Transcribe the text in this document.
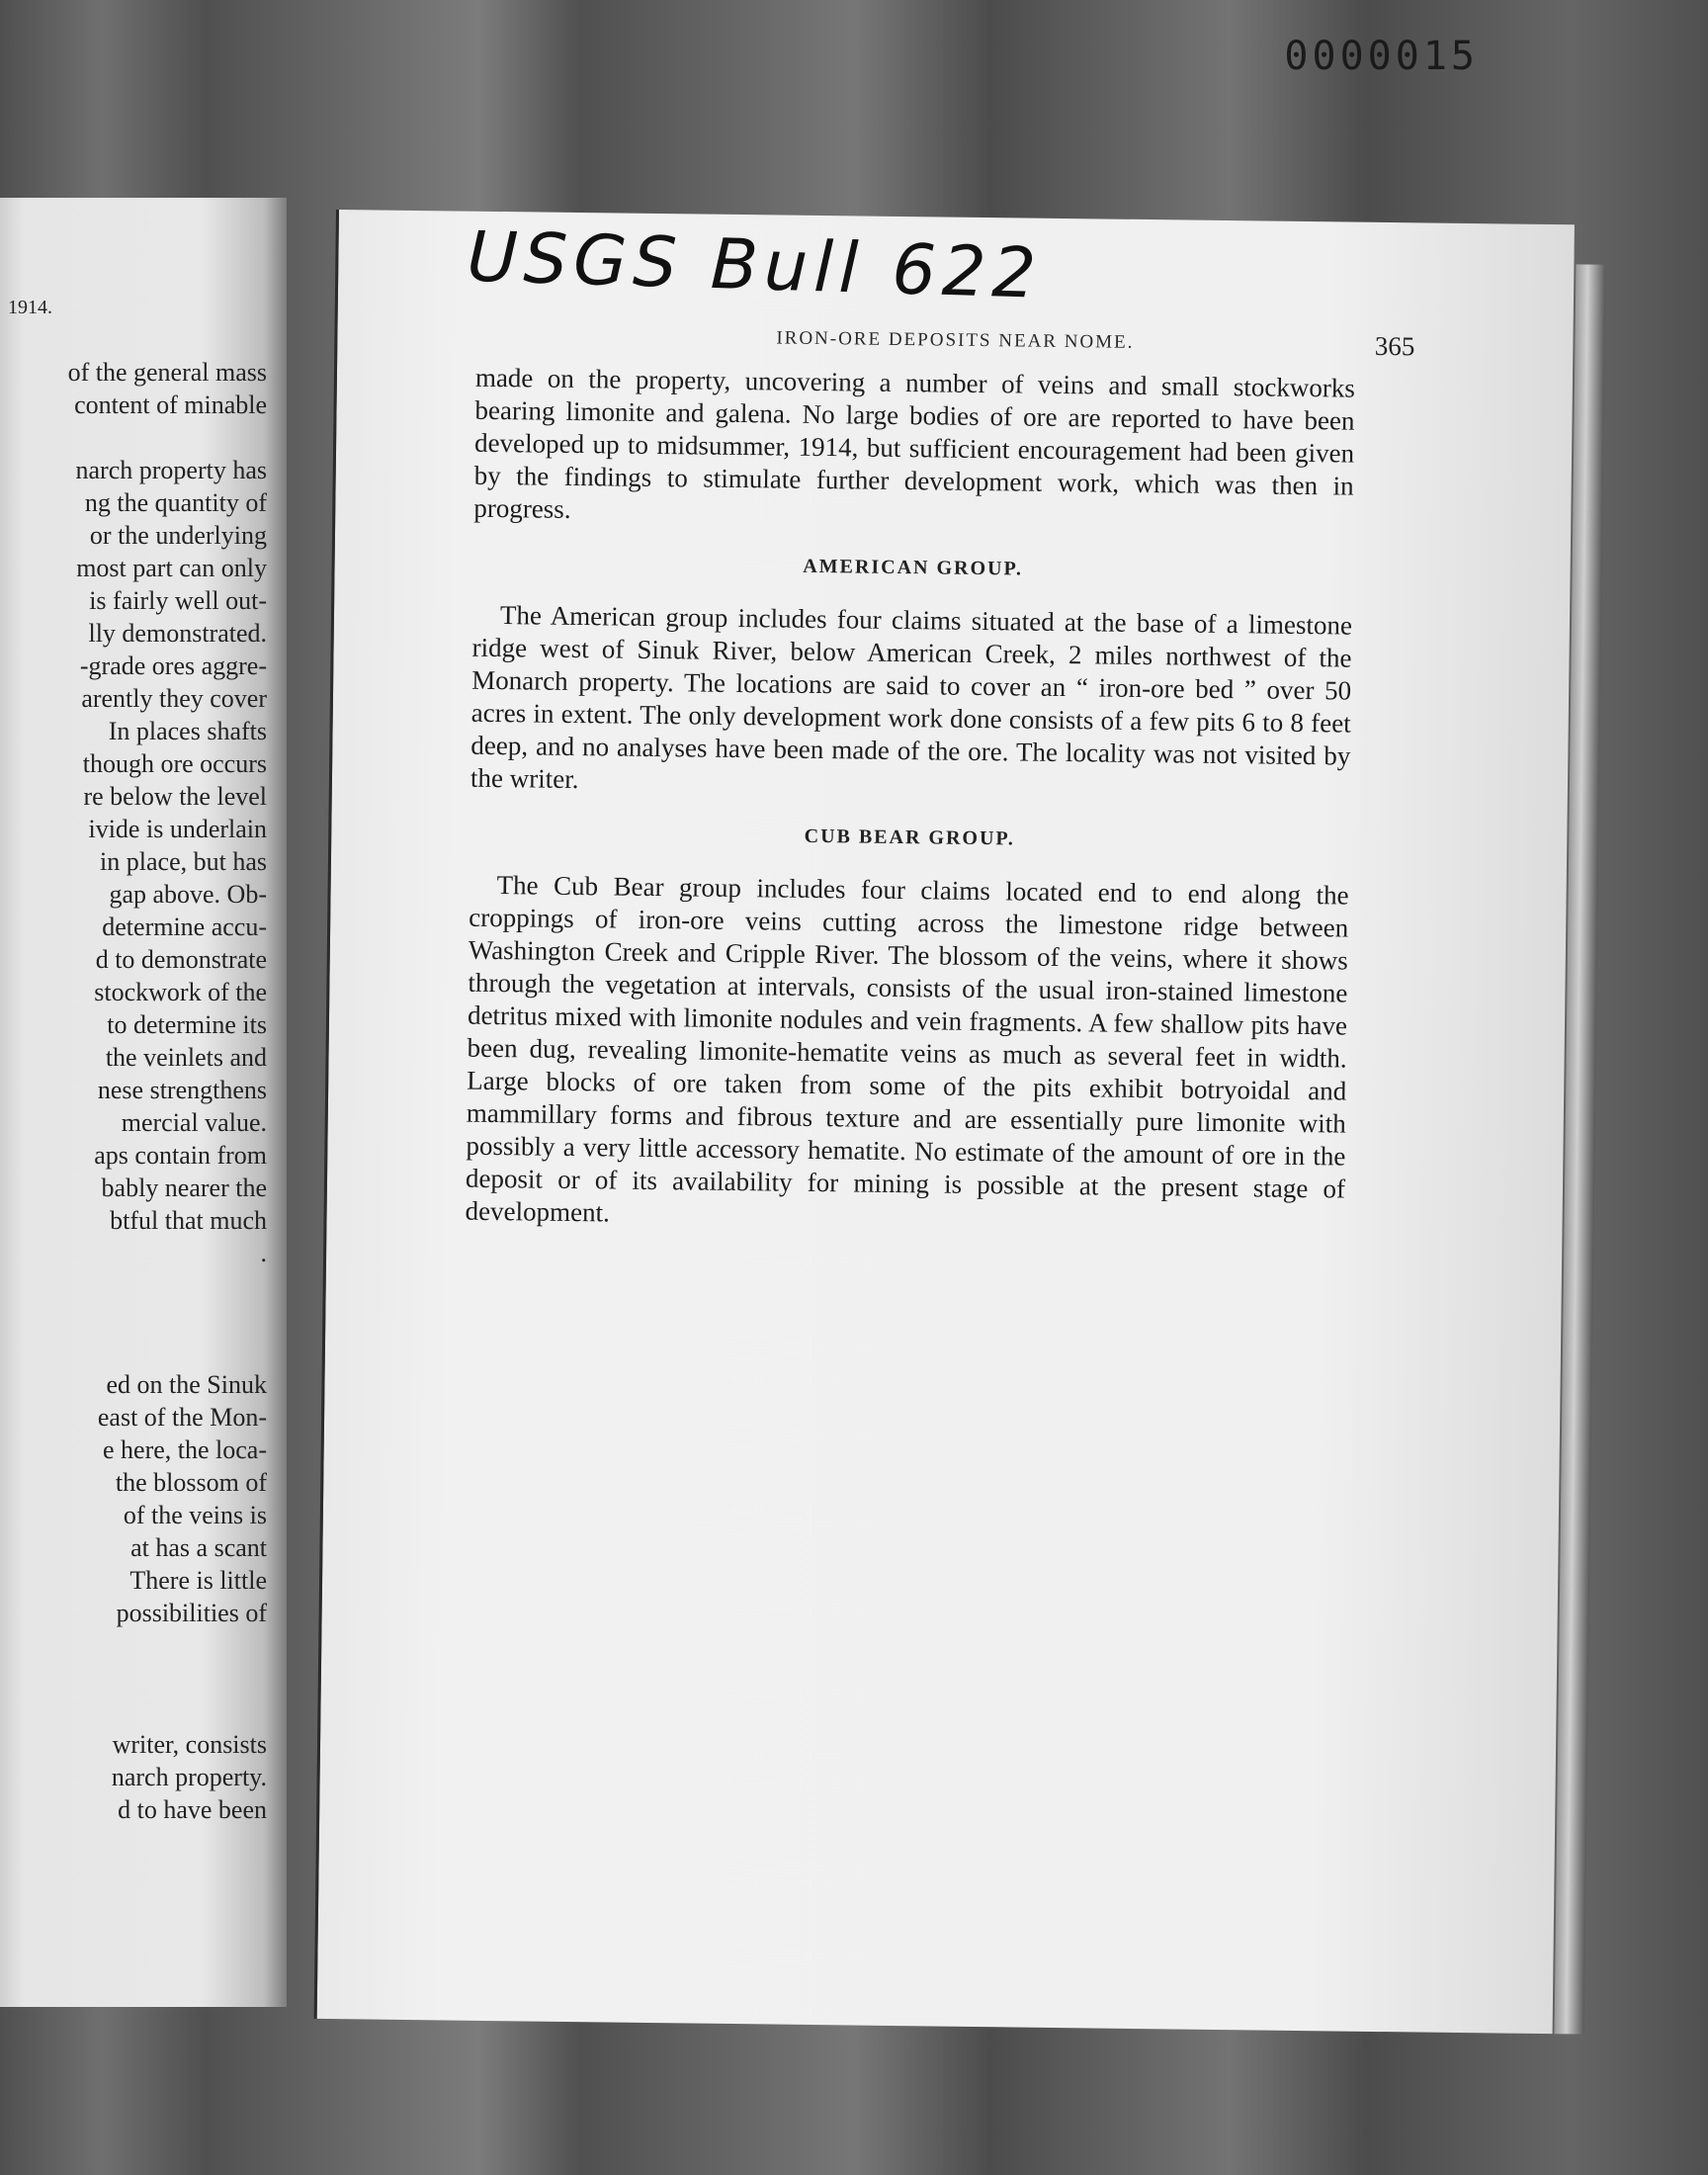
0000015
1914.
of the general mass
content of minable

narch property has
ng the quantity of
or the underlying
most part can only
is fairly well out-
lly demonstrated.
-grade ores aggre-
arently they cover
In places shafts
though ore occurs
re below the level
ivide is underlain
in place, but has
gap above. Ob-
determine accu-
d to demonstrate
stockwork of the
to determine its
the veinlets and
nese strengthens
mercial value.
aps contain from
bably nearer the
btful that much
.
ed on the Sinuk
east of the Mon-
e here, the loca-
the blossom of
of the veins is
at has a scant
There is little
possibilities of
writer, consists
narch property.
d to have been
USGS Bull 622
IRON-ORE DEPOSITS NEAR NOME.	365

made on the property, uncovering a number of veins and small stockworks bearing limonite and galena. No large bodies of ore are reported to have been developed up to midsummer, 1914, but sufficient encouragement had been given by the findings to stimulate further development work, which was then in progress.

AMERICAN GROUP.

The American group includes four claims situated at the base of a limestone ridge west of Sinuk River, below American Creek, 2 miles northwest of the Monarch property. The locations are said to cover an “ iron-ore bed ” over 50 acres in extent. The only development work done consists of a few pits 6 to 8 feet deep, and no analyses have been made of the ore. The locality was not visited by the writer.

CUB BEAR GROUP.

The Cub Bear group includes four claims located end to end along the croppings of iron-ore veins cutting across the limestone ridge between Washington Creek and Cripple River. The blossom of the veins, where it shows through the vegetation at intervals, consists of the usual iron-stained limestone detritus mixed with limonite nodules and vein fragments. A few shallow pits have been dug, revealing limonite-hematite veins as much as several feet in width. Large blocks of ore taken from some of the pits exhibit botryoidal and mammillary forms and fibrous texture and are essentially pure limonite with possibly a very little accessory hematite. No estimate of the amount of ore in the deposit or of its availability for mining is possible at the present stage of development.
